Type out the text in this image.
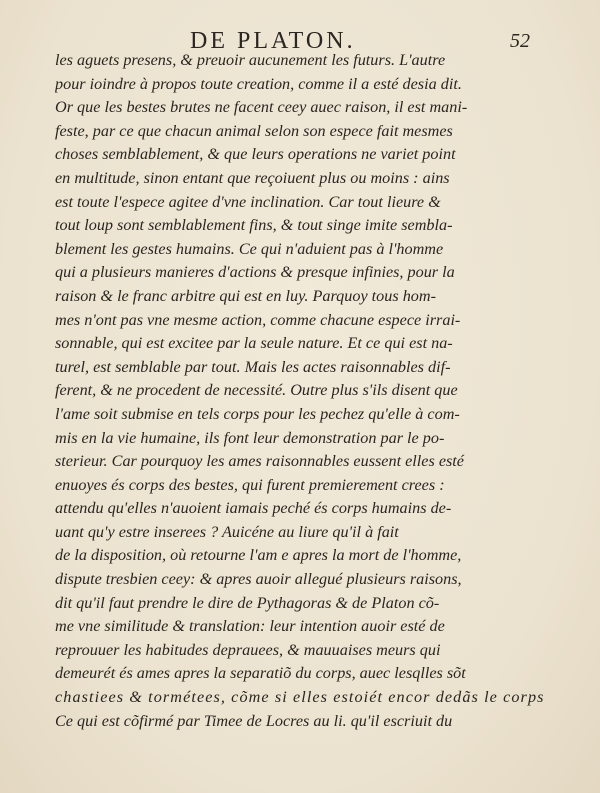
DE PLATON.	52
les aguets presens, & preuoir aucunement les futurs. L'autre
pour ioindre à propos toute creation, comme il a esté desia dit.
Or que les bestes brutes ne facent ceey auec raison, il est mani-
feste, par ce que chacun animal selon son espece fait mesmes
choses semblablement, & que leurs operations ne variet point
en multitude, sinon entant que reçoiuent plus ou moins : ains
est toute l'espece agitee d'vne inclination. Car tout lieure &
tout loup sont semblablement fins, & tout singe imite sembla-
blement les gestes humains. Ce qui n'aduient pas à l'homme
qui a plusieurs manieres d'actions & presque infinies, pour la
raison & le franc arbitre qui est en luy. Parquoy tous hom-
mes n'ont pas vne mesme action, comme chacune espece irrai-
sonnable, qui est excitee par la seule nature. Et ce qui est na-
turel, est semblable par tout. Mais les actes raisonnables dif-
ferent, & ne procedent de necessité. Outre plus s'ils disent que
l'ame soit submise en tels corps pour les pechez qu'elle à com-
mis en la vie humaine, ils font leur demonstration par le po-
sterieur. Car pourquoy les ames raisonnables eussent elles esté
enuoyes és corps des bestes, qui furent premierement crees :
attendu qu'elles n'auoient iamais peché és corps humains de-
uant qu'y estre inserees ? Auicéne au liure qu'il à fait
de la disposition, où retourne l'am e apres la mort de l'homme,
dispute tresbien ceey: & apres auoir allegué plusieurs raisons,
dit qu'il faut prendre le dire de Pythagoras & de Platon cõ-
me vne similitude & translation: leur intention auoir esté de
reprouuer les habitudes deprauees, & mauuaises meurs qui
demeurét és ames apres la separatiõ du corps, auec lesqlles sõt
chastiees & tormétees, cõme si elles estoiét encor dedãs le corps
Ce qui est cõfirmé par Timee de Locres au li. qu'il escriuit du
